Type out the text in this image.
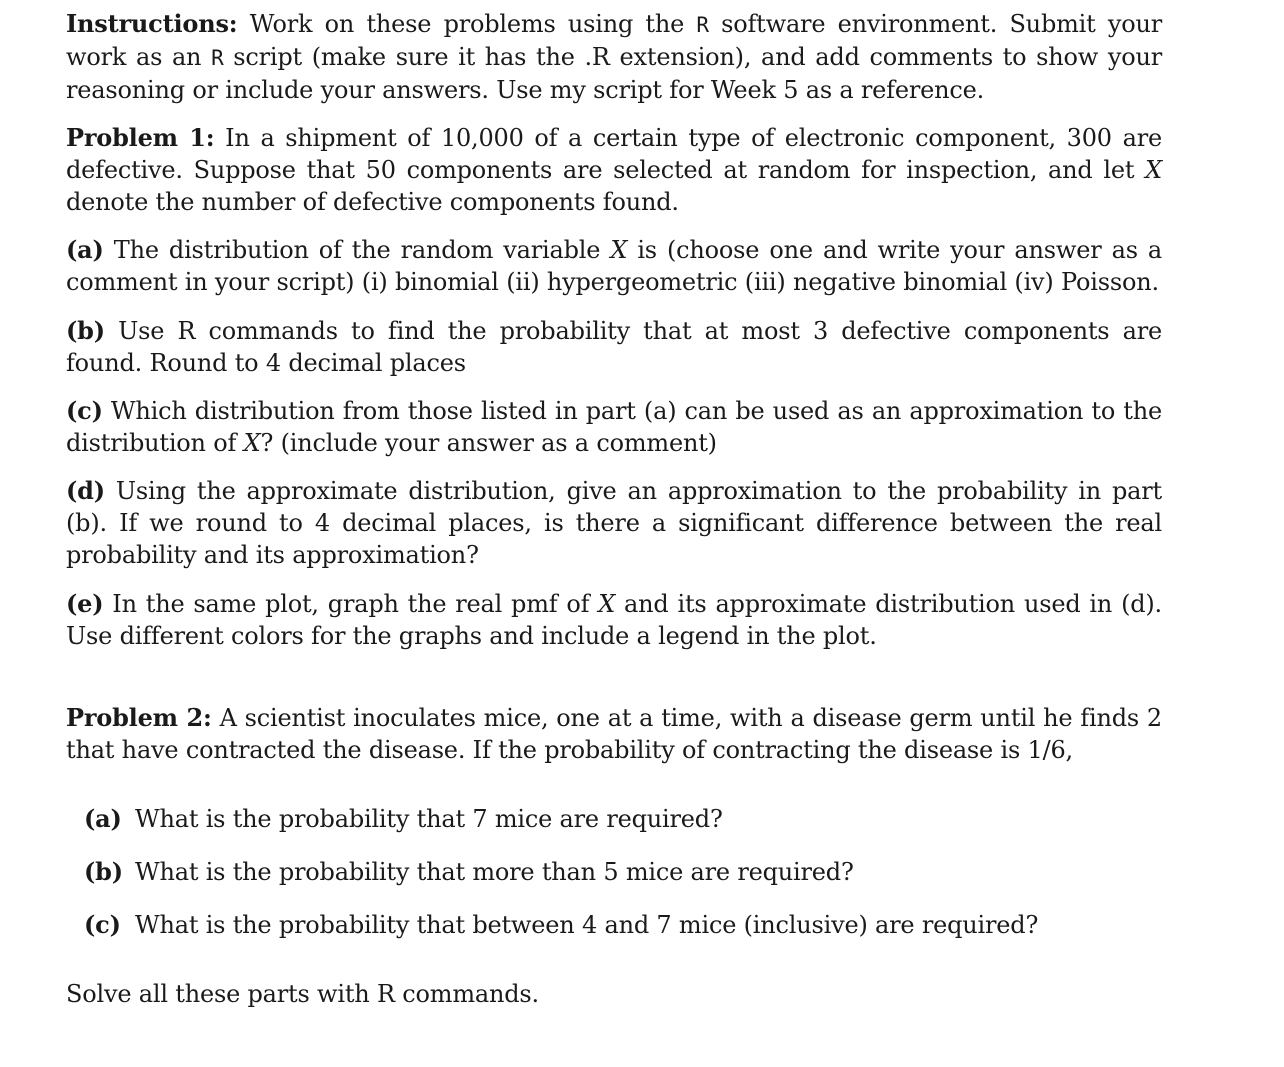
Instructions: Work on these problems using the R software environment. Submit your work as an R script (make sure it has the .R extension), and add comments to show your reasoning or include your answers. Use my script for Week 5 as a reference.

Problem 1: In a shipment of 10,000 of a certain type of electronic component, 300 are defective. Suppose that 50 components are selected at random for inspection, and let X denote the number of defective components found.

(a) The distribution of the random variable X is (choose one and write your answer as a comment in your script) (i) binomial (ii) hypergeometric (iii) negative binomial (iv) Poisson.

(b) Use R commands to find the probability that at most 3 defective components are found. Round to 4 decimal places

(c) Which distribution from those listed in part (a) can be used as an approximation to the distribution of X? (include your answer as a comment)

(d) Using the approximate distribution, give an approximation to the probability in part (b). If we round to 4 decimal places, is there a significant difference between the real probability and its approximation?

(e) In the same plot, graph the real pmf of X and its approximate distribution used in (d). Use different colors for the graphs and include a legend in the plot.

Problem 2: A scientist inoculates mice, one at a time, with a disease germ until he finds 2 that have contracted the disease. If the probability of contracting the disease is 1/6,

(a) What is the probability that 7 mice are required?

(b) What is the probability that more than 5 mice are required?

(c) What is the probability that between 4 and 7 mice (inclusive) are required?

Solve all these parts with R commands.
